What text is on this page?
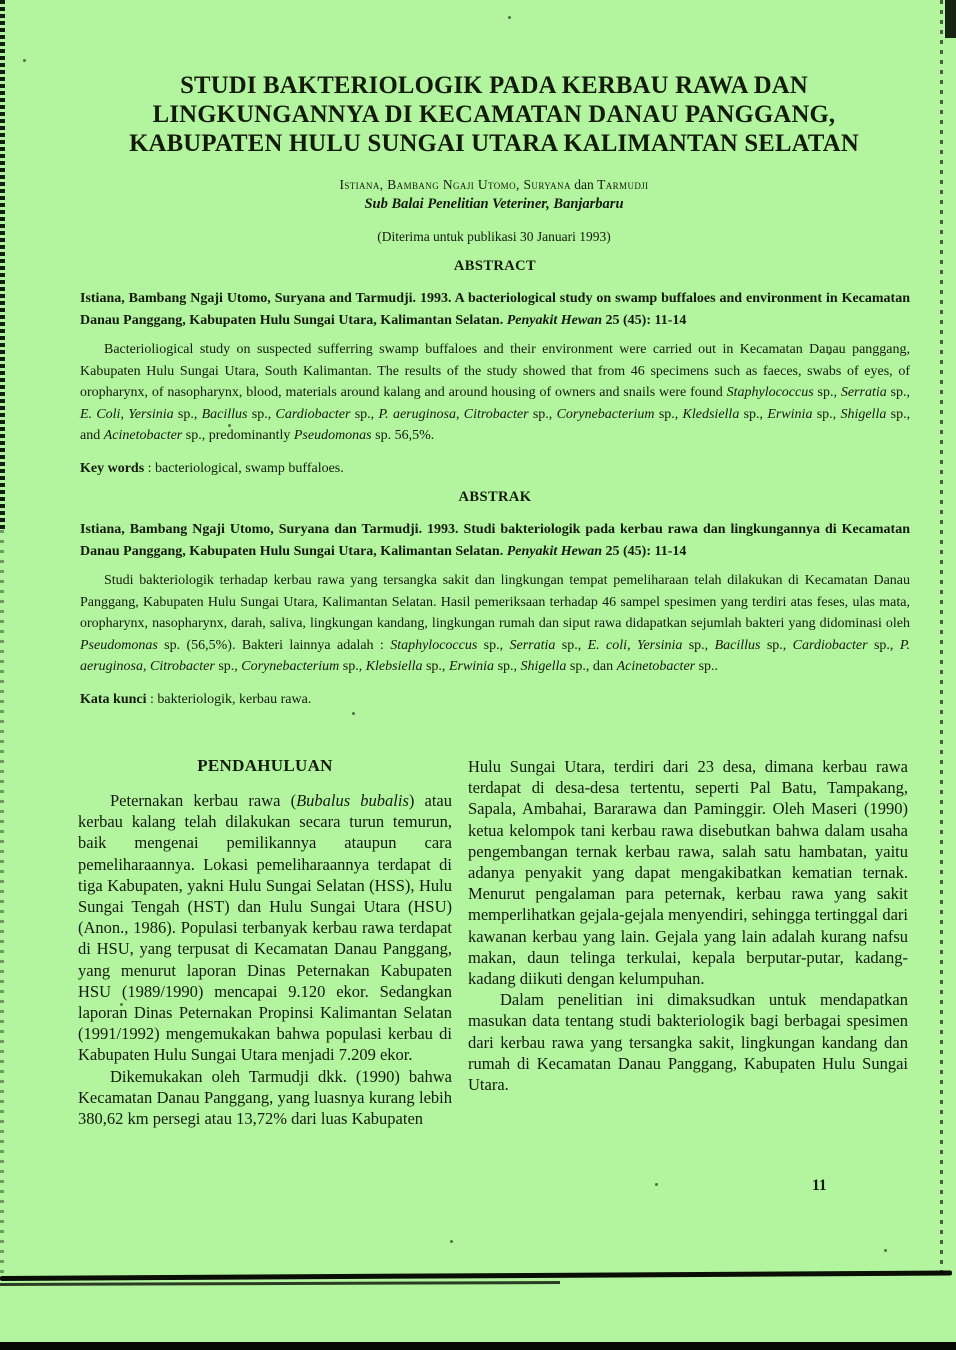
STUDI BAKTERIOLOGIK PADA KERBAU RAWA DAN
LINGKUNGANNYA DI KECAMATAN DANAU PANGGANG,
KABUPATEN HULU SUNGAI UTARA KALIMANTAN SELATAN
Istiana, Bambang Ngaji Utomo, Suryana dan Tarmudji
Sub Balai Penelitian Veteriner, Banjarbaru
(Diterima untuk publikasi 30 Januari 1993)
ABSTRACT

Istiana, Bambang Ngaji Utomo, Suryana and Tarmudji. 1993. A bacteriological study on swamp buffaloes and environment in Kecamatan Danau Panggang, Kabupaten Hulu Sungai Utara, Kalimantan Selatan. Penyakit Hewan 25 (45): 11-14

Bacterioliogical study on suspected sufferring swamp buffaloes and their environment were carried out in Kecamatan Danau panggang, Kabupaten Hulu Sungai Utara, South Kalimantan. The results of the study showed that from 46 specimens such as faeces, swabs of eyes, of oropharynx, of nasopharynx, blood, materials around kalang and around housing of owners and snails were found Staphylococcus sp., Serratia sp., E. Coli, Yersinia sp., Bacillus sp., Cardiobacter sp., P. aeruginosa, Citrobacter sp., Corynebacterium sp., Kledsiella sp., Erwinia sp., Shigella sp., and Acinetobacter sp., predominantly Pseudomonas sp. 56,5%.

Key words : bacteriological, swamp buffaloes.

ABSTRAK

Istiana, Bambang Ngaji Utomo, Suryana dan Tarmudji. 1993. Studi bakteriologik pada kerbau rawa dan lingkungannya di Kecamatan Danau Panggang, Kabupaten Hulu Sungai Utara, Kalimantan Selatan. Penyakit Hewan 25 (45): 11-14

Studi bakteriologik terhadap kerbau rawa yang tersangka sakit dan lingkungan tempat pemeliharaan telah dilakukan di Kecamatan Danau Panggang, Kabupaten Hulu Sungai Utara, Kalimantan Selatan. Hasil pemeriksaan terhadap 46 sampel spesimen yang terdiri atas feses, ulas mata, oropharynx, nasopharynx, darah, saliva, lingkungan kandang, lingkungan rumah dan siput rawa didapatkan sejumlah bakteri yang didominasi oleh Pseudomonas sp. (56,5%). Bakteri lainnya adalah : Staphylococcus sp., Serratia sp., E. coli, Yersinia sp., Bacillus sp., Cardiobacter sp., P. aeruginosa, Citrobacter sp., Corynebacterium sp., Klebsiella sp., Erwinia sp., Shigella sp., dan Acinetobacter sp..

Kata kunci : bakteriologik, kerbau rawa.

PENDAHULUAN

Peternakan kerbau rawa (Bubalus bubalis) atau kerbau kalang telah dilakukan secara turun temurun, baik mengenai pemilikannya ataupun cara pemeliharaannya. Lokasi pemeliharaannya terdapat di tiga Kabupaten, yakni Hulu Sungai Selatan (HSS), Hulu Sungai Tengah (HST) dan Hulu Sungai Utara (HSU) (Anon., 1986). Populasi terbanyak kerbau rawa terdapat di HSU, yang terpusat di Kecamatan Danau Panggang, yang menurut laporan Dinas Peternakan Kabupaten HSU (1989/1990) mencapai 9.120 ekor. Sedangkan laporan Dinas Peternakan Propinsi Kalimantan Selatan (1991/1992) mengemukakan bahwa populasi kerbau di Kabupaten Hulu Sungai Utara menjadi 7.209 ekor.

Dikemukakan oleh Tarmudji dkk. (1990) bahwa Kecamatan Danau Panggang, yang luasnya kurang lebih 380,62 km persegi atau 13,72% dari luas Kabupaten

Hulu Sungai Utara, terdiri dari 23 desa, dimana kerbau rawa terdapat di desa-desa tertentu, seperti Pal Batu, Tampakang, Sapala, Ambahai, Bararawa dan Paminggir. Oleh Maseri (1990) ketua kelompok tani kerbau rawa disebutkan bahwa dalam usaha pengembangan ternak kerbau rawa, salah satu hambatan, yaitu adanya penyakit yang dapat mengakibatkan kematian ternak. Menurut pengalaman para peternak, kerbau rawa yang sakit memperlihatkan gejala-gejala menyendiri, sehingga tertinggal dari kawanan kerbau yang lain. Gejala yang lain adalah kurang nafsu makan, daun telinga terkulai, kepala berputar-putar, kadang-kadang diikuti dengan kelumpuhan.

Dalam penelitian ini dimaksudkan untuk mendapatkan masukan data tentang studi bakteriologik bagi berbagai spesimen dari kerbau rawa yang tersangka sakit, lingkungan kandang dan rumah di Kecamatan Danau Panggang, Kabupaten Hulu Sungai Utara.

11
